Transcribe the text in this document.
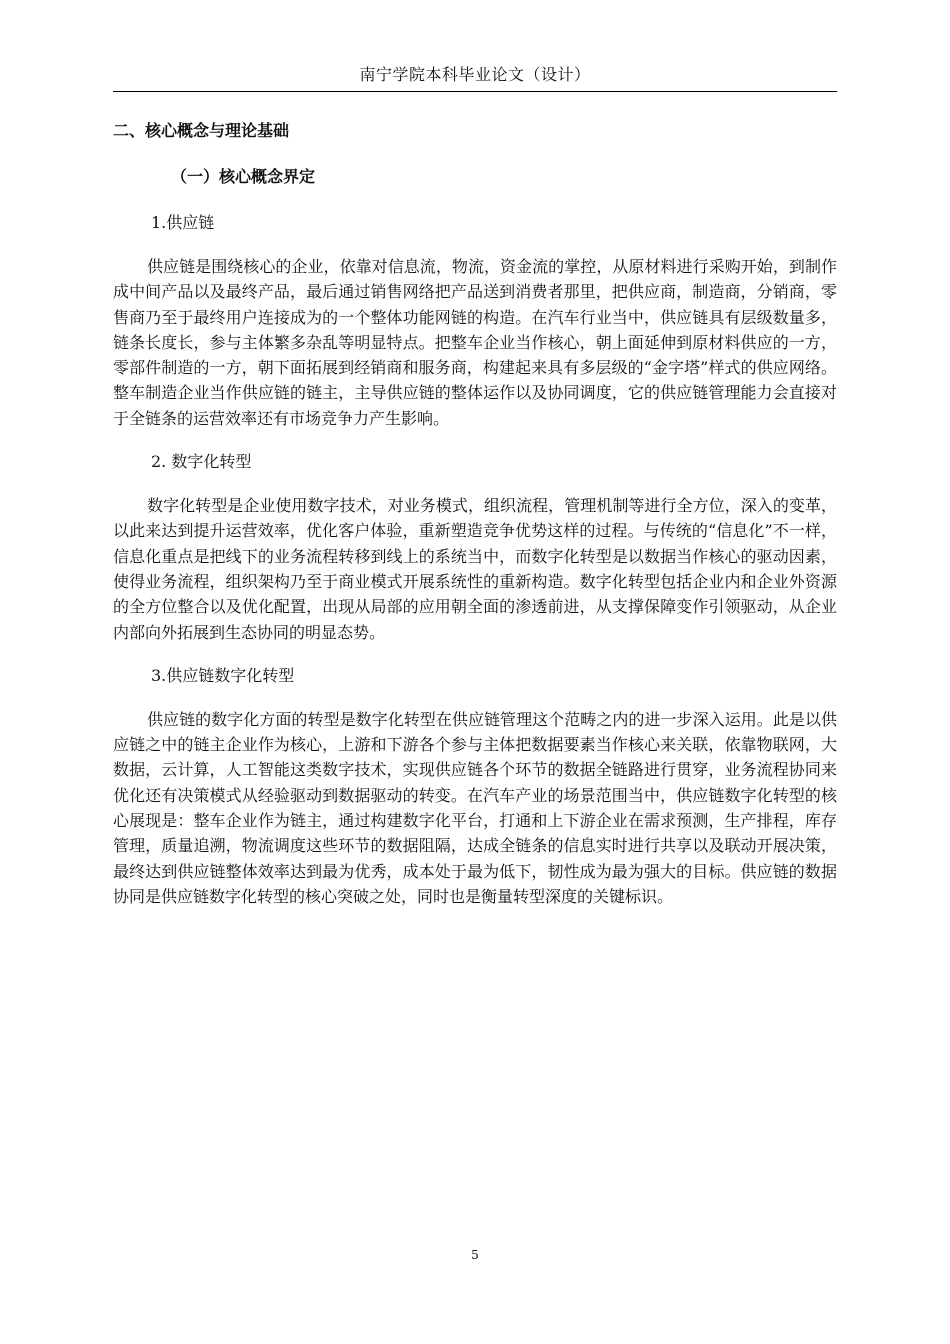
南宁学院本科毕业论文（设计）
二、核心概念与理论基础
（一）核心概念界定
1.供应链

供应链是围绕核心的企业，依靠对信息流，物流，资金流的掌控，从原材料进行采购开始，到制作成中间产品以及最终产品，最后通过销售网络把产品送到消费者那里，把供应商，制造商，分销商，零售商乃至于最终用户连接成为的一个整体功能网链的构造。在汽车行业当中，供应链具有层级数量多，链条长度长，参与主体繁多杂乱等明显特点。把整车企业当作核心，朝上面延伸到原材料供应的一方，零部件制造的一方，朝下面拓展到经销商和服务商，构建起来具有多层级的“金字塔”样式的供应网络。整车制造企业当作供应链的链主，主导供应链的整体运作以及协同调度，它的供应链管理能力会直接对于全链条的运营效率还有市场竞争力产生影响。

2. 数字化转型

数字化转型是企业使用数字技术，对业务模式，组织流程，管理机制等进行全方位，深入的变革，以此来达到提升运营效率，优化客户体验，重新塑造竞争优势这样的过程。与传统的“信息化”不一样，信息化重点是把线下的业务流程转移到线上的系统当中，而数字化转型是以数据当作核心的驱动因素，使得业务流程，组织架构乃至于商业模式开展系统性的重新构造。数字化转型包括企业内和企业外资源的全方位整合以及优化配置，出现从局部的应用朝全面的渗透前进，从支撑保障变作引领驱动，从企业内部向外拓展到生态协同的明显态势。

3.供应链数字化转型

供应链的数字化方面的转型是数字化转型在供应链管理这个范畴之内的进一步深入运用。此是以供应链之中的链主企业作为核心，上游和下游各个参与主体把数据要素当作核心来关联，依靠物联网，大数据，云计算，人工智能这类数字技术，实现供应链各个环节的数据全链路进行贯穿，业务流程协同来优化还有决策模式从经验驱动到数据驱动的转变。在汽车产业的场景范围当中，供应链数字化转型的核心展现是：整车企业作为链主，通过构建数字化平台，打通和上下游企业在需求预测，生产排程，库存管理，质量追溯，物流调度这些环节的数据阻隔，达成全链条的信息实时进行共享以及联动开展决策，最终达到供应链整体效率达到最为优秀，成本处于最为低下，韧性成为最为强大的目标。供应链的数据协同是供应链数字化转型的核心突破之处，同时也是衡量转型深度的关键标识。

5
